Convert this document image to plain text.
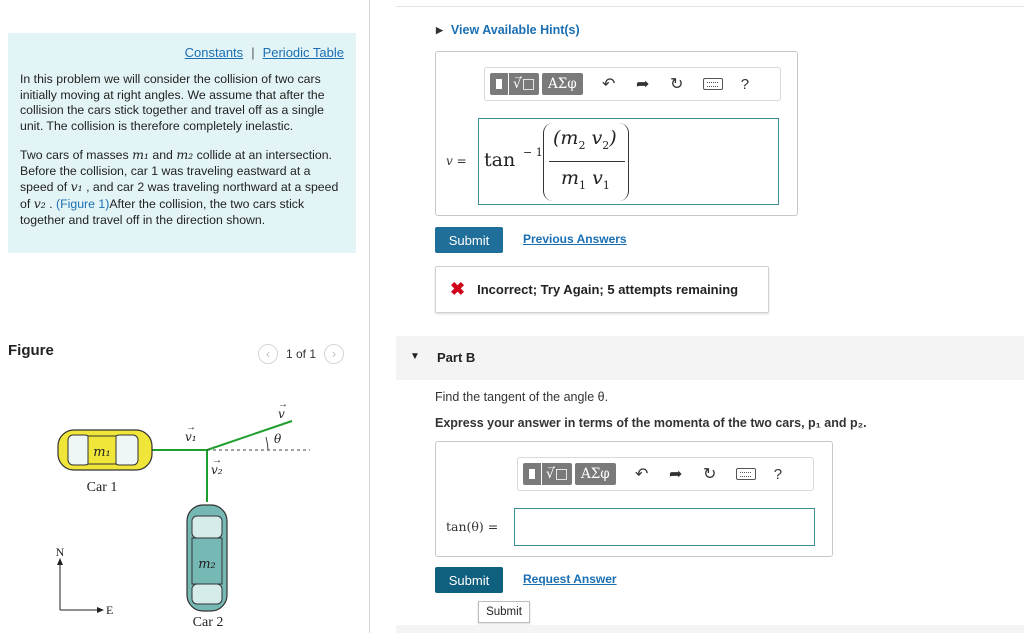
Constants | Periodic Table

In this problem we will consider the collision of two cars initially moving at right angles. We assume that after the collision the cars stick together and travel off as a single unit. The collision is therefore completely inelastic.

Two cars of masses m₁ and m₂ collide at an intersection. Before the collision, car 1 was traveling eastward at a speed of v₁ , and car 2 was traveling northward at a speed of v₂ . (Figure 1)After the collision, the two cars stick together and travel off in the direction shown.

Figure	‹ 1 of 1 ›
m₁
Car 1
m₂
Car 2
v₁
→
v₂
→
v
→
θ
N
E
▶ View Available Hint(s)
√̅□ ΑΣφ	↶ ➦ ↻	?
v = tan − 1
($m_2$ $v_2$)
$m_1$ $v_1$
Submit	Previous Answers
✖ Incorrect; Try Again; 5 attempts remaining
▼ Part B
Find the tangent of the angle θ.
Express your answer in terms of the momenta of the two cars, p₁ and p₂.
√̅□ ΑΣφ	↶ ➦ ↻	?
tan(θ) =
Submit	Request Answer
Submit
